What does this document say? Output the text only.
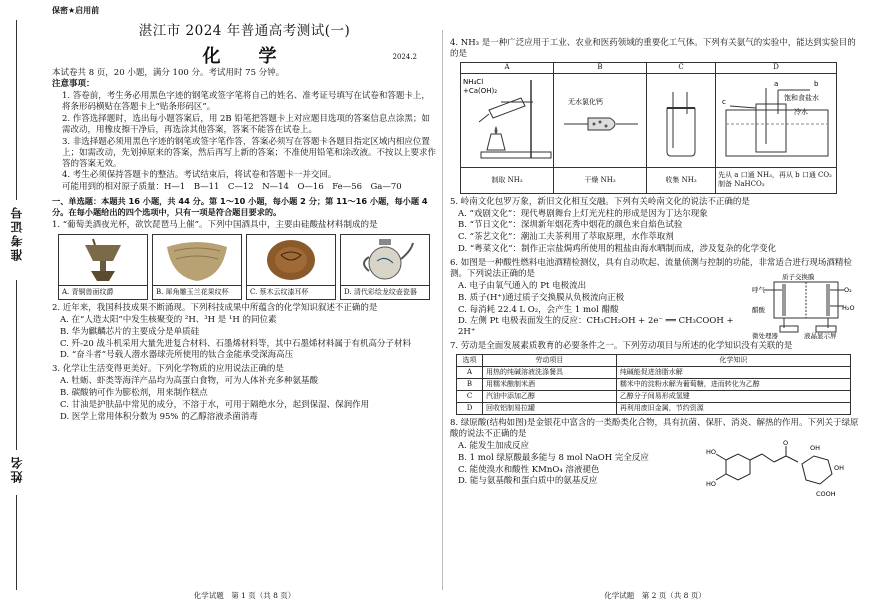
准考证号
姓名
保密★启用前
湛江市 2024 年普通高考测试(一)
化　学	2024.2

本试卷共 8 页，20 小题，满分 100 分。考试用时 75 分钟。

注意事项：

1. 答卷前，考生务必用黑色字迹的钢笔或签字笔将自己的姓名、准考证号填写在试卷和答题卡上，将条形码横贴在答题卡上“贴条形码区”。

2. 作答选择题时，选出每小题答案后，用 2B 铅笔把答题卡上对应题目选项的答案信息点涂黑；如需改动，用橡皮擦干净后，再选涂其他答案，答案不能答在试卷上。

3. 非选择题必须用黑色字迹的钢笔或签字笔作答，答案必须写在答题卡各题目指定区域内相应位置上；如需改动，先划掉原来的答案，然后再写上新的答案；不准使用铅笔和涂改液。不按以上要求作答的答案无效。

4. 考生必须保持答题卡的整洁。考试结束后，将试卷和答题卡一并交回。

可能用到的相对原子质量：H—1　B—11　C—12　N—14　O—16　Fe—56　Ga—70

一、单选题：本题共 16 小题，共 44 分。第 1～10 小题，每小题 2 分；第 11～16 小题，每小题 4 分。在每小题给出的四个选项中，只有一项是符合题目要求的。

1. “葡萄美酒夜光杯，欲饮琵琶马上催”。下列中国酒具中，主要由硅酸盐材料制成的是

A. 青铜兽面纹爵	B. 犀角雕玉兰花果纹杯	C. 蔡木云纹漆耳杯	D. 清代彩绘龙纹壶瓷器

2. 近年来，我国科技成果不断涌现。下列科技成果中所蕴含的化学知识叙述不正确的是

A. 在“人造太阳”中发生核聚变的 ²H、³H 是 ¹H 的同位素

B. 华为麒麟芯片的主要成分是单质硅

C. 歼-20 战斗机采用大量先进复合材料、石墨烯材料等，其中石墨烯材料属于有机高分子材料

D. “奋斗者”号载人潜水器球壳所使用的钛合金能承受深海高压

3. 化学让生活变得更美好。下列化学物质的应用说法正确的是

A. 牡蛎、虾类等海洋产品均为高蛋白食物，可为人体补充多种氨基酸

B. 碳酸钠可作为膨松剂，用来制作糕点

C. 甘油是护肤品中常见的成分，不溶于水，可用于隔绝水分，起到保湿、保润作用

D. 医学上常用体积分数为 95% 的乙醇溶液杀菌消毒

化学试题　第 1 页（共 8 页）

4. NH₃ 是一种广泛应用于工业、农业和医药领域的重要化工气体。下列有关氨气的实验中，能达到实验目的的是

A	B	C	D

NH₄Cl
+Ca(OH)₂	无水氯化钙		a b
c 饱和食盐水
冷水

制取 NH₃	干燥 NH₃	收集 NH₃	先从 a 口通 NH₃，再从 b 口通 CO₂ 制备 NaHCO₃

5. 岭南文化包罗万象，新旧文化相互交融。下列有关岭南文化的说法不正确的是

A. “戏剧文化”：现代粤剧舞台上灯光光柱的形成是因为丁达尔现象

B. “节日文化”：深圳新年烟花秀中烟花的颜色来自焰色试验

C. “茶艺文化”：潮汕工夫茶利用了萃取原理，水作萃取剂

D. “粤菜文化”：制作正宗盐焗鸡所使用的粗盐由海水晒制而成，涉及复杂的化学变化

6. 如图是一种酸性燃料电池酒精检测仪，具有自动吹起、流量侦测与控制的功能，非常适合进行现场酒精检测。下列说法正确的是

A. 电子由氧气通入的 Pt 电极流出

B. 质子(H⁺)通过质子交换膜从负极流向正极

C. 每消耗 22.4 L O₂，会产生 1 mol 醋酸

D. 左侧 Pt 电极表面发生的反应：CH₃CH₂OH + 2e⁻ ══ CH₃COOH + 2H⁺

质子交换膜
呼气
醋酸
O₂
H₂O
微处理器	液晶显示屏

7. 劳动是全面发展素质教育的必要条件之一。下列劳动项目与所述的化学知识没有关联的是

选项	劳动项目	化学知识
A	用热的纯碱溶液洗涤餐具	纯碱能促进油脂水解
B	用糯米酿制米酒	糯米中的淀粉水解为葡萄糖，进而转化为乙醇
C	汽油中添加乙醇	乙醇分子间易形成氢键
D	回收铝制易拉罐	再利用废旧金属，节约资源

8. 绿原酸(结构如图)是金银花中富含的一类酚类化合物，具有抗菌、保肝、消炎、解热的作用。下列关于绿原酸的说法不正确的是

A. 能发生加成反应

B. 1 mol 绿原酸最多能与 8 mol NaOH 完全反应

C. 能使溴水和酸性 KMnO₄ 溶液褪色

D. 能与氨基酸和蛋白质中的氨基反应

HO
HO
O
OH
OH
COOH
化学试题　第 2 页（共 8 页）
